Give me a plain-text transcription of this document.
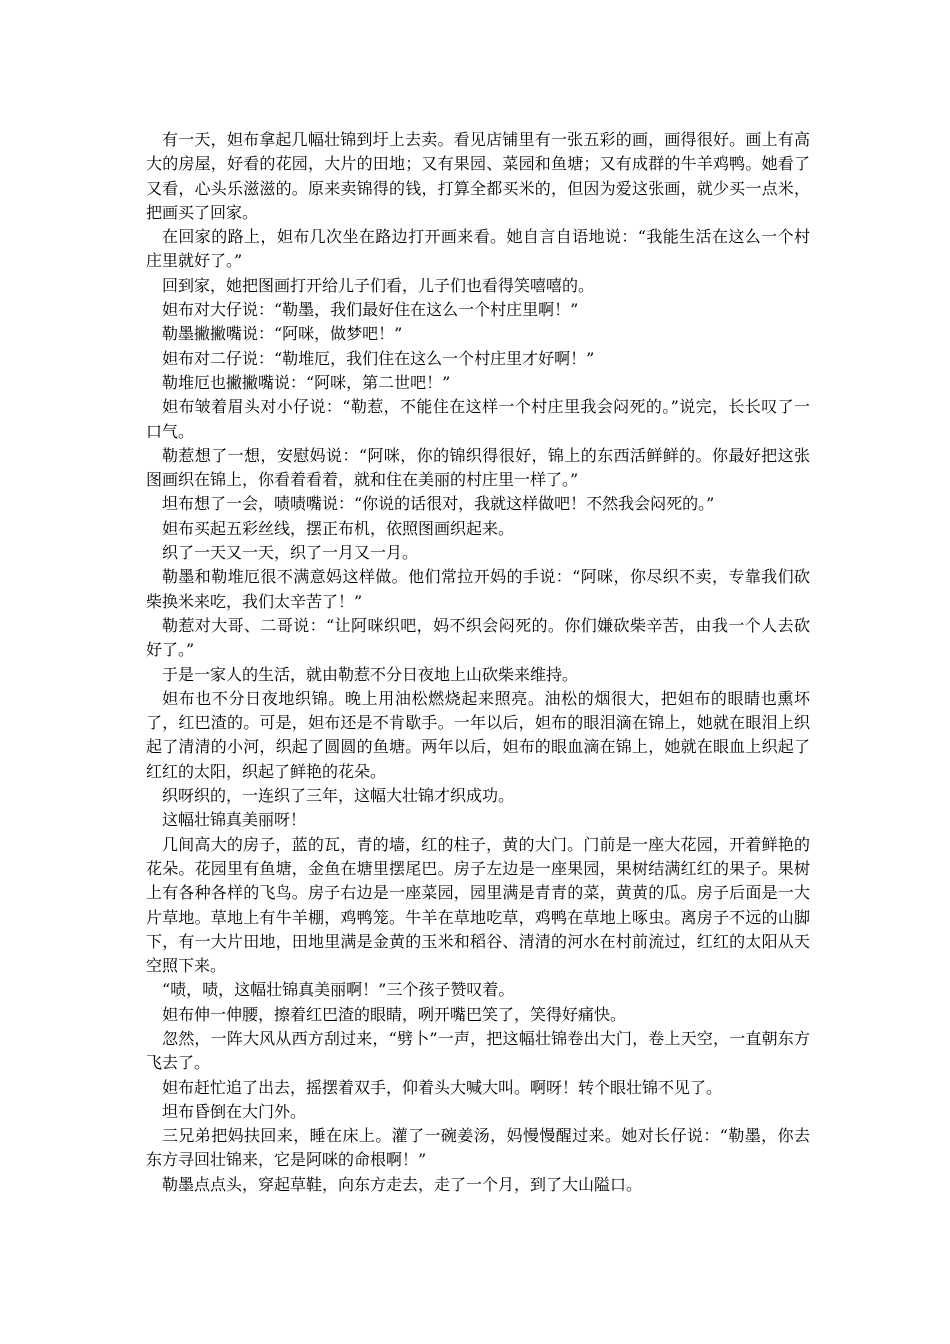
有一天，妲布拿起几幅壮锦到圩上去卖。看见店铺里有一张五彩的画，画得很好。画上有高大的房屋，好看的花园，大片的田地；又有果园、菜园和鱼塘；又有成群的牛羊鸡鸭。她看了又看，心头乐滋滋的。原来卖锦得的钱，打算全都买米的，但因为爱这张画，就少买一点米，把画买了回家。

在回家的路上，妲布几次坐在路边打开画来看。她自言自语地说：“我能生活在这么一个村庄里就好了。”

回到家，她把图画打开给儿子们看，儿子们也看得笑嘻嘻的。

妲布对大仔说：“勒墨，我们最好住在这么一个村庄里啊！”

勒墨撇撇嘴说：“阿咪，做梦吧！”

妲布对二仔说：“勒堆厄，我们住在这么一个村庄里才好啊！”

勒堆厄也撇撇嘴说：“阿咪，第二世吧！”

妲布皱着眉头对小仔说：“勒惹，不能住在这样一个村庄里我会闷死的。”说完，长长叹了一口气。

勒惹想了一想，安慰妈说：“阿咪，你的锦织得很好，锦上的东西活鲜鲜的。你最好把这张图画织在锦上，你看着看着，就和住在美丽的村庄里一样了。”

坦布想了一会，啧啧嘴说：“你说的话很对，我就这样做吧！不然我会闷死的。”

妲布买起五彩丝线，摆正布机，依照图画织起来。

织了一天又一天，织了一月又一月。

勒墨和勒堆厄很不满意妈这样做。他们常拉开妈的手说：“阿咪，你尽织不卖，专靠我们砍柴换米来吃，我们太辛苦了！”

勒惹对大哥、二哥说：“让阿咪织吧，妈不织会闷死的。你们嫌砍柴辛苦，由我一个人去砍好了。”

于是一家人的生活，就由勒惹不分日夜地上山砍柴来维持。

妲布也不分日夜地织锦。晚上用油松燃烧起来照亮。油松的烟很大，把妲布的眼睛也熏坏了，红巴渣的。可是，妲布还是不肯歇手。一年以后，妲布的眼泪滴在锦上，她就在眼泪上织起了清清的小河，织起了圆圆的鱼塘。两年以后，妲布的眼血滴在锦上，她就在眼血上织起了红红的太阳，织起了鲜艳的花朵。

织呀织的，一连织了三年，这幅大壮锦才织成功。

这幅壮锦真美丽呀！

几间高大的房子，蓝的瓦，青的墙，红的柱子，黄的大门。门前是一座大花园，开着鲜艳的花朵。花园里有鱼塘，金鱼在塘里摆尾巴。房子左边是一座果园，果树结满红红的果子。果树上有各种各样的飞鸟。房子右边是一座菜园，园里满是青青的菜，黄黄的瓜。房子后面是一大片草地。草地上有牛羊棚，鸡鸭笼。牛羊在草地吃草，鸡鸭在草地上啄虫。离房子不远的山脚下，有一大片田地，田地里满是金黄的玉米和稻谷、清清的河水在村前流过，红红的太阳从天空照下来。

“啧，啧，这幅壮锦真美丽啊！”三个孩子赞叹着。

妲布伸一伸腰，擦着红巴渣的眼睛，咧开嘴巴笑了，笑得好痛快。

忽然，一阵大风从西方刮过来，“劈卜”一声，把这幅壮锦卷出大门，卷上天空，一直朝东方飞去了。

妲布赶忙追了出去，摇摆着双手，仰着头大喊大叫。啊呀！转个眼壮锦不见了。

坦布昏倒在大门外。

三兄弟把妈扶回来，睡在床上。灌了一碗姜汤，妈慢慢醒过来。她对长仔说：“勒墨，你去东方寻回壮锦来，它是阿咪的命根啊！”

勒墨点点头，穿起草鞋，向东方走去，走了一个月，到了大山隘口。
